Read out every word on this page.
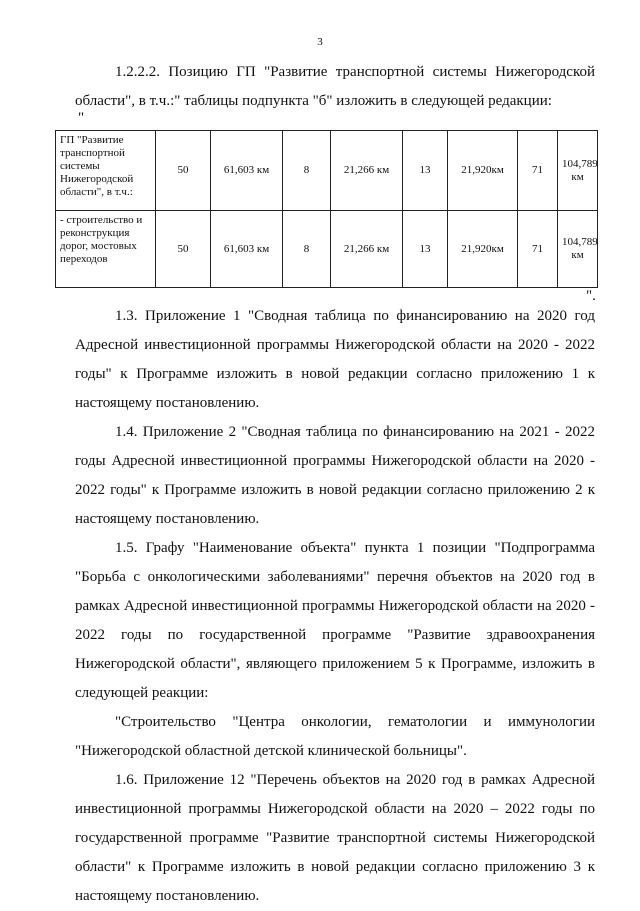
3

1.2.2.2. Позицию ГП "Развитие транспортной системы Нижегородской области", в т.ч.:" таблицы подпункта "б" изложить в следующей редакции:

"
ГП "Развитие транспортной системы Нижегородской области", в т.ч.:	50	61,603 км	8	21,266 км	13	21,920км	71	104,789 км
- строительство и реконструкция дорог, мостовых переходов	50	61,603 км	8	21,266 км	13	21,920км	71	104,789 км
".

1.3. Приложение 1 "Сводная таблица по финансированию на 2020 год Адресной инвестиционной программы Нижегородской области на 2020 - 2022 годы" к Программе изложить в новой редакции согласно приложению 1 к настоящему постановлению.

1.4. Приложение 2 "Сводная таблица по финансированию на 2021 - 2022 годы Адресной инвестиционной программы Нижегородской области на 2020 - 2022 годы" к Программе изложить в новой редакции согласно приложению 2 к настоящему постановлению.

1.5. Графу "Наименование объекта" пункта 1 позиции "Подпрограмма "Борьба с онкологическими заболеваниями" перечня объектов на 2020 год в рамках Адресной инвестиционной программы Нижегородской области на 2020 - 2022 годы по государственной программе "Развитие здравоохранения Нижегородской области", являющего приложением 5 к Программе, изложить в следующей реакции:

"Строительство "Центра онкологии, гематологии и иммунологии "Нижегородской областной детской клинической больницы".

1.6. Приложение 12 "Перечень объектов на 2020 год в рамках Адресной инвестиционной программы Нижегородской области на 2020 – 2022 годы по государственной программе "Развитие транспортной системы Нижегородской области" к Программе изложить в новой редакции согласно приложению 3 к настоящему постановлению.
